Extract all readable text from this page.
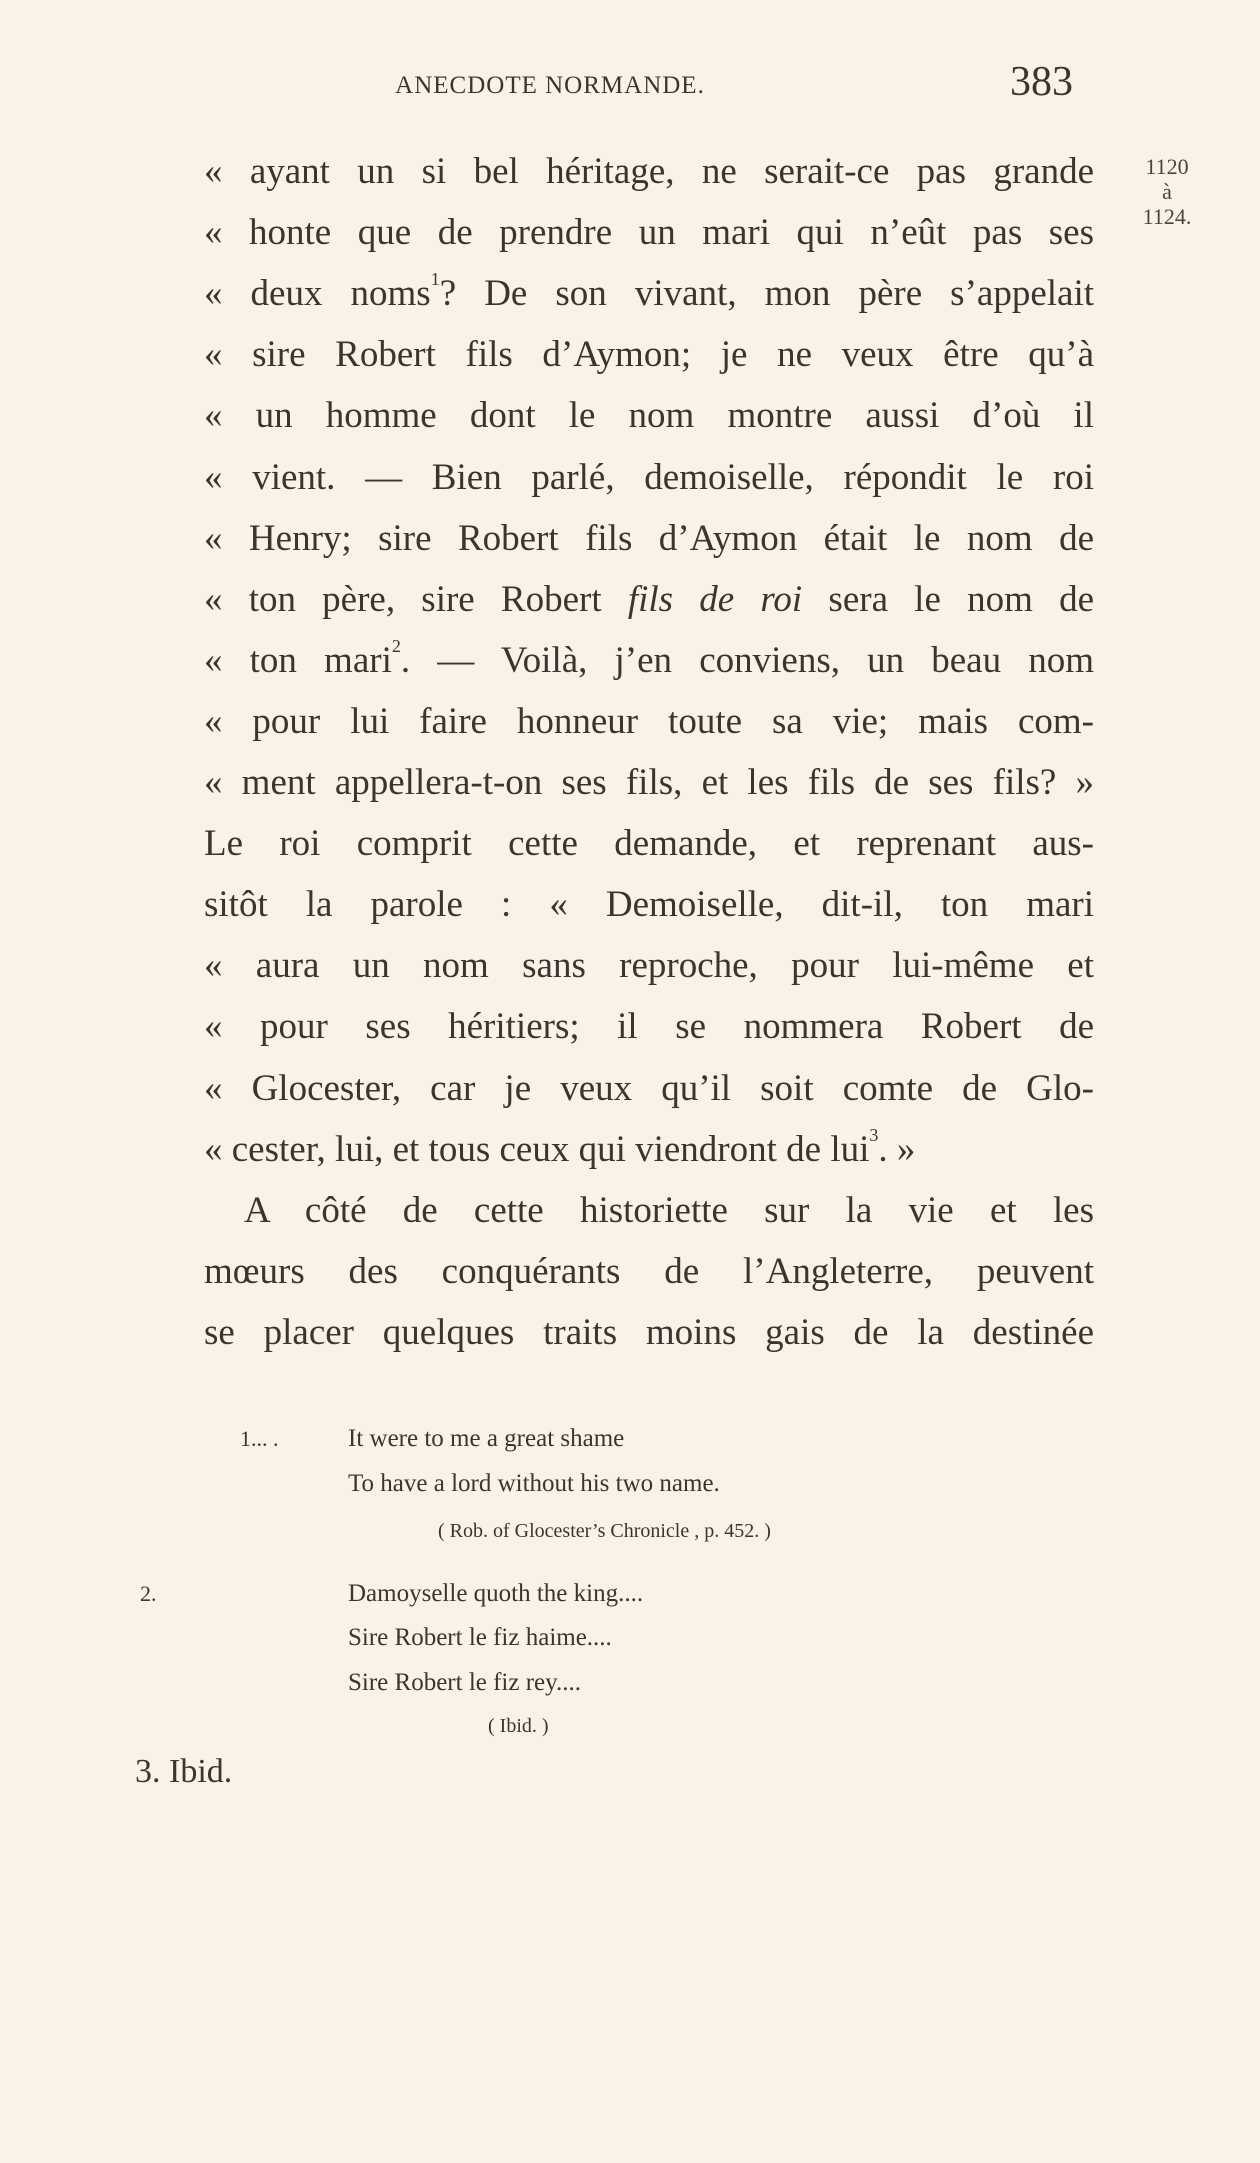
ANECDOTE NORMANDE.	383
1120
à
1124.
« ayant un si bel héritage, ne serait-ce pas grande
« honte que de prendre un mari qui n’eût pas ses
« deux noms$^1$? De son vivant, mon père s’appelait
« sire Robert fils d’Aymon; je ne veux être qu’à
« un homme dont le nom montre aussi d’où il
« vient. — Bien parlé, demoiselle, répondit le roi
« Henry; sire Robert fils d’Aymon était le nom de
« ton père, sire Robert fils de roi sera le nom de
« ton mari$^2$. — Voilà, j’en conviens, un beau nom
« pour lui faire honneur toute sa vie; mais com-
« ment appellera-t-on ses fils, et les fils de ses fils? »
Le roi comprit cette demande, et reprenant aus-
sitôt la parole : « Demoiselle, dit-il, ton mari
« aura un nom sans reproche, pour lui-même et
« pour ses héritiers; il se nommera Robert de
« Glocester, car je veux qu’il soit comte de Glo-
« cester, lui, et tous ceux qui viendront de lui$^3$. »
A côté de cette historiette sur la vie et les
mœurs des conquérants de l’Angleterre, peuvent
se placer quelques traits moins gais de la destinée
1... .	It were to me a great shame
To have a lord without his two name.
( Rob. of Glocester’s Chronicle , p. 452. )
2.	Damoyselle quoth the king....
Sire Robert le fiz haime....
Sire Robert le fiz rey....
( Ibid. )
3. Ibid.
